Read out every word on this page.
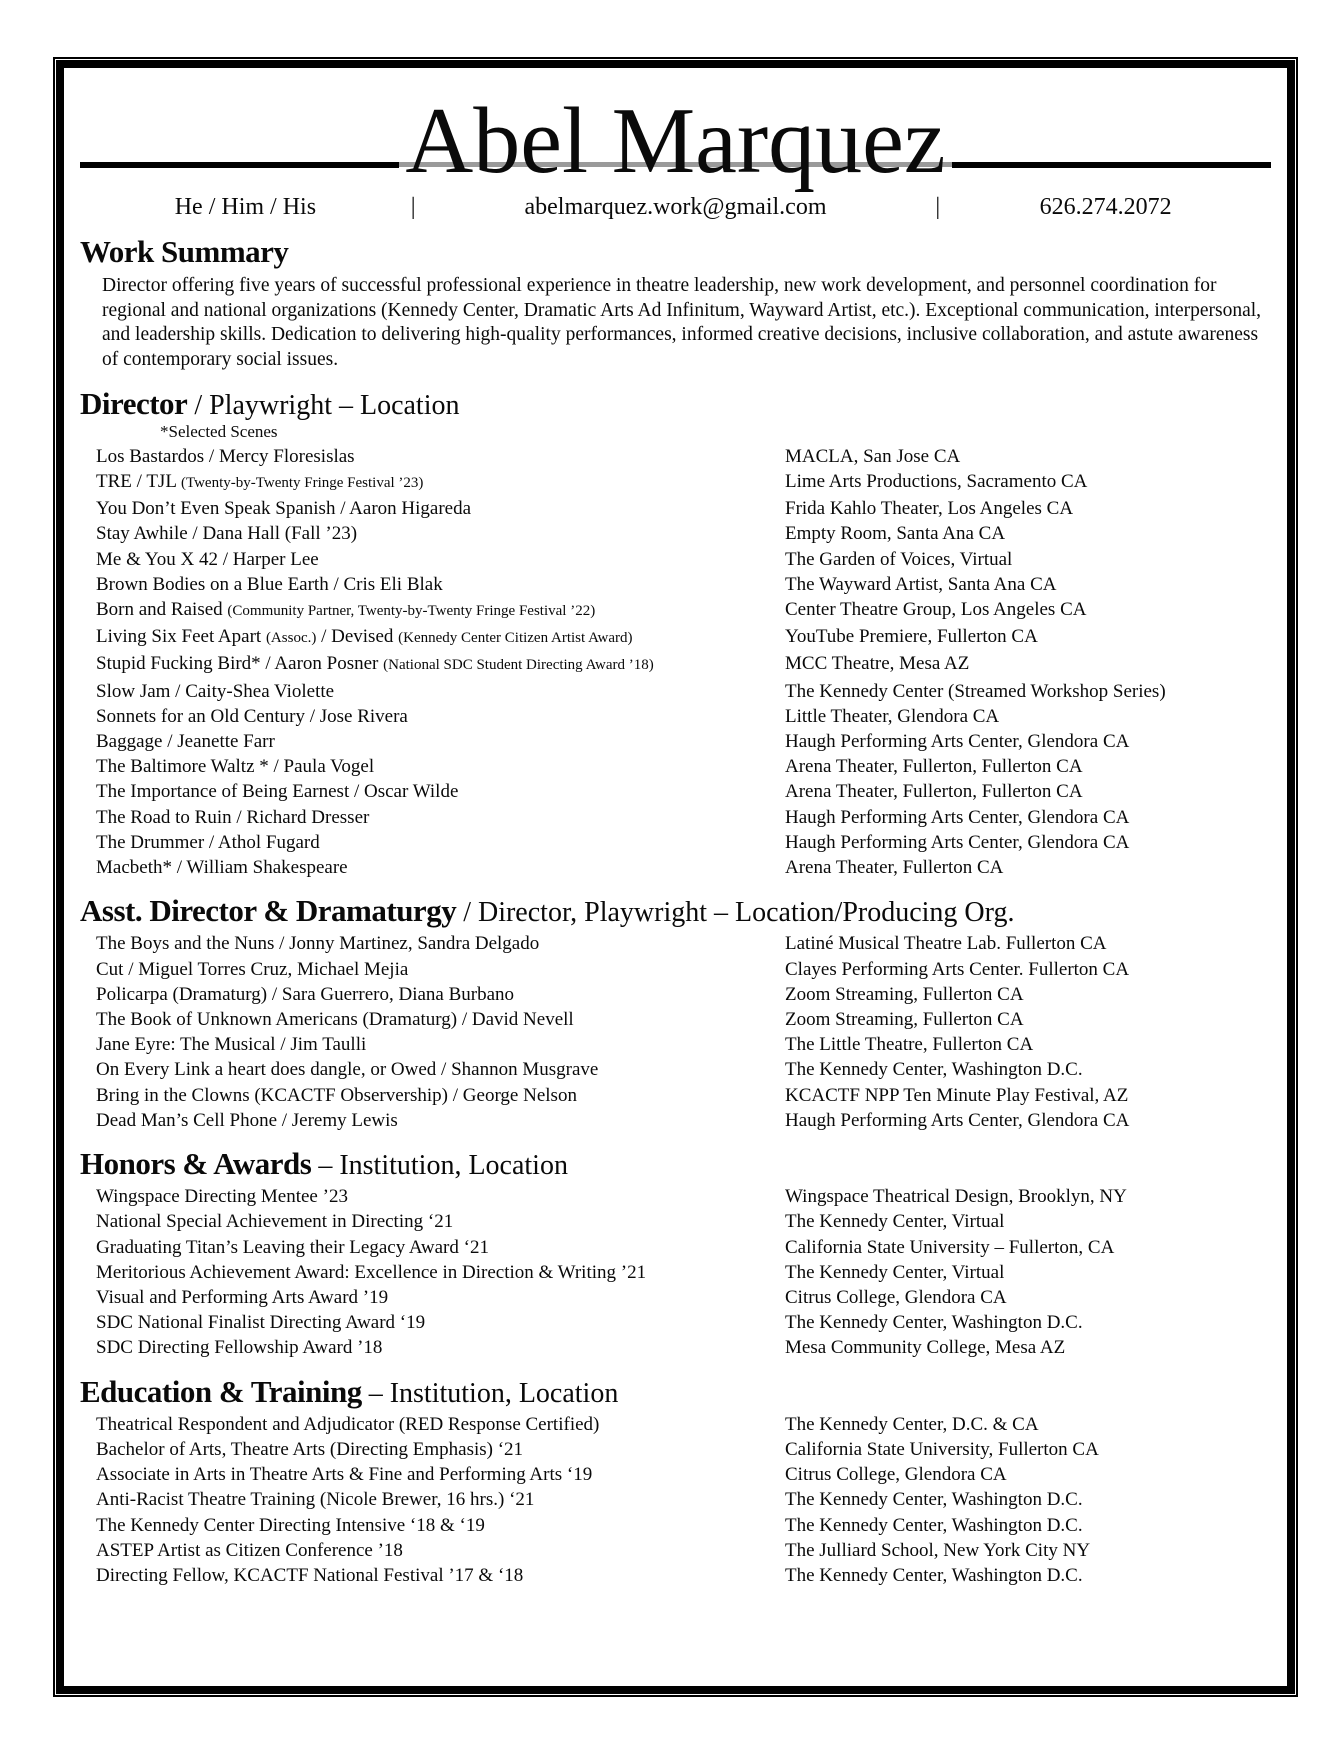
Abel Marquez
He / Him / His	|	abelmarquez.work@gmail.com	|	626.274.2072
Work Summary

Director offering five years of successful professional experience in theatre leadership, new work development, and personnel coordination for regional and national organizations (Kennedy Center, Dramatic Arts Ad Infinitum, Wayward Artist, etc.). Exceptional communication, interpersonal, and leadership skills. Dedication to delivering high-quality performances, informed creative decisions, inclusive collaboration, and astute awareness of contemporary social issues.

Director / Playwright – Location
*Selected Scenes
Los Bastardos / Mercy Floresislas	MACLA, San Jose CA
TRE / TJL (Twenty-by-Twenty Fringe Festival ’23)	Lime Arts Productions, Sacramento CA
You Don’t Even Speak Spanish / Aaron Higareda	Frida Kahlo Theater, Los Angeles CA
Stay Awhile / Dana Hall (Fall ’23)	Empty Room, Santa Ana CA
Me & You X 42 / Harper Lee	The Garden of Voices, Virtual
Brown Bodies on a Blue Earth / Cris Eli Blak	The Wayward Artist, Santa Ana CA
Born and Raised (Community Partner, Twenty-by-Twenty Fringe Festival ’22)	Center Theatre Group, Los Angeles CA
Living Six Feet Apart (Assoc.) / Devised (Kennedy Center Citizen Artist Award)	YouTube Premiere, Fullerton CA
Stupid Fucking Bird* / Aaron Posner (National SDC Student Directing Award ’18)	MCC Theatre, Mesa AZ
Slow Jam / Caity-Shea Violette	The Kennedy Center (Streamed Workshop Series)
Sonnets for an Old Century / Jose Rivera	Little Theater, Glendora CA
Baggage / Jeanette Farr	Haugh Performing Arts Center, Glendora CA
The Baltimore Waltz * / Paula Vogel	Arena Theater, Fullerton, Fullerton CA
The Importance of Being Earnest / Oscar Wilde	Arena Theater, Fullerton, Fullerton CA
The Road to Ruin / Richard Dresser	Haugh Performing Arts Center, Glendora CA
The Drummer / Athol Fugard	Haugh Performing Arts Center, Glendora CA
Macbeth* / William Shakespeare	Arena Theater, Fullerton CA
Asst. Director & Dramaturgy / Director, Playwright – Location/Producing Org.
The Boys and the Nuns / Jonny Martinez, Sandra Delgado	Latiné Musical Theatre Lab. Fullerton CA
Cut / Miguel Torres Cruz, Michael Mejia	Clayes Performing Arts Center. Fullerton CA
Policarpa (Dramaturg) / Sara Guerrero, Diana Burbano	Zoom Streaming, Fullerton CA
The Book of Unknown Americans (Dramaturg) / David Nevell	Zoom Streaming, Fullerton CA
Jane Eyre: The Musical / Jim Taulli	The Little Theatre, Fullerton CA
On Every Link a heart does dangle, or Owed / Shannon Musgrave	The Kennedy Center, Washington D.C.
Bring in the Clowns (KCACTF Observership) / George Nelson	KCACTF NPP Ten Minute Play Festival, AZ
Dead Man’s Cell Phone / Jeremy Lewis	Haugh Performing Arts Center, Glendora CA
Honors & Awards – Institution, Location
Wingspace Directing Mentee ’23	Wingspace Theatrical Design, Brooklyn, NY
National Special Achievement in Directing ‘21	The Kennedy Center, Virtual
Graduating Titan’s Leaving their Legacy Award ‘21	California State University – Fullerton, CA
Meritorious Achievement Award: Excellence in Direction & Writing ’21	The Kennedy Center, Virtual
Visual and Performing Arts Award ’19	Citrus College, Glendora CA
SDC National Finalist Directing Award ‘19	The Kennedy Center, Washington D.C.
SDC Directing Fellowship Award ’18	Mesa Community College, Mesa AZ
Education & Training – Institution, Location
Theatrical Respondent and Adjudicator (RED Response Certified)	The Kennedy Center, D.C. & CA
Bachelor of Arts, Theatre Arts (Directing Emphasis) ‘21	California State University, Fullerton CA
Associate in Arts in Theatre Arts & Fine and Performing Arts ‘19	Citrus College, Glendora CA
Anti-Racist Theatre Training (Nicole Brewer, 16 hrs.) ‘21	The Kennedy Center, Washington D.C.
The Kennedy Center Directing Intensive ‘18 & ‘19	The Kennedy Center, Washington D.C.
ASTEP Artist as Citizen Conference ’18	The Julliard School, New York City NY
Directing Fellow, KCACTF National Festival ’17 & ‘18	The Kennedy Center, Washington D.C.
